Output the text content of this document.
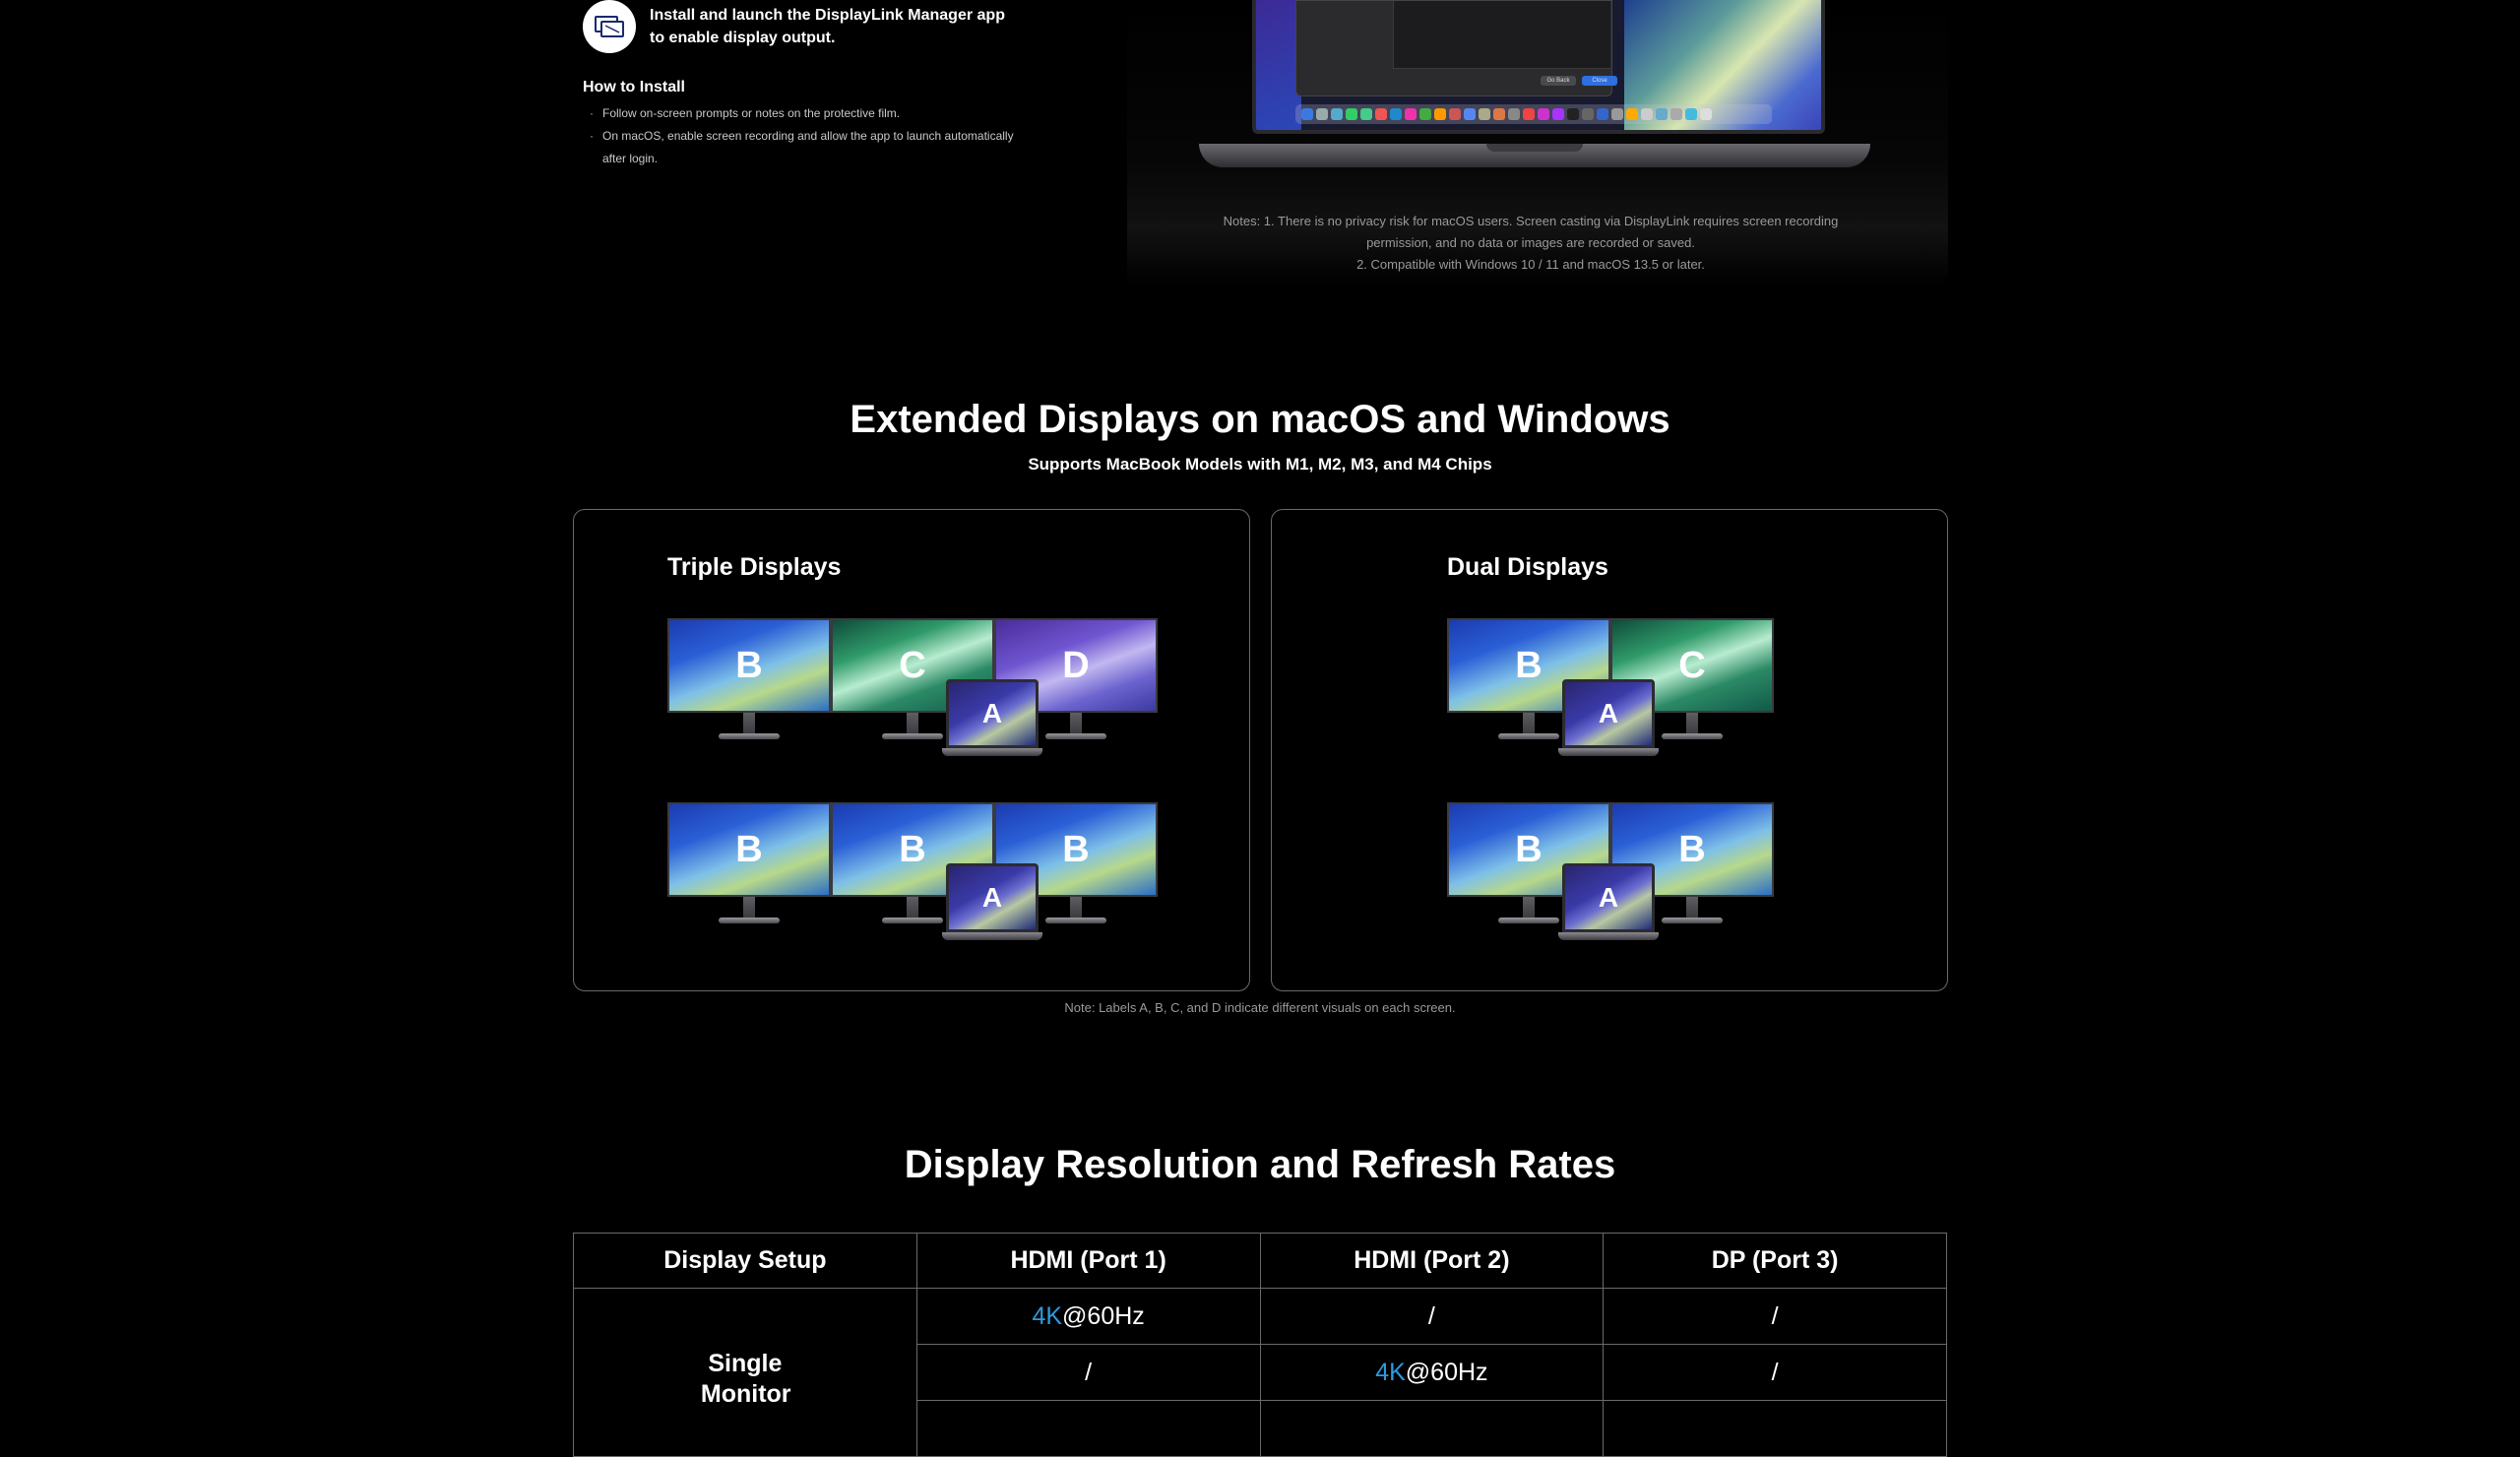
Install and launch the DisplayLink Manager app to enable display output.
How to Install
· Follow on-screen prompts or notes on the protective film.
· On macOS, enable screen recording and allow the app to launch automatically after login.
Go Back	Close
Notes: 1. There is no privacy risk for macOS users. Screen casting via DisplayLink requires screen recording permission, and no data or images are recorded or saved.
2. Compatible with Windows 10 / 11 and macOS 13.5 or later.
Extended Displays on macOS and Windows
Supports MacBook Models with M1, M2, M3, and M4 Chips
Triple Displays
B	C	D
A
B	B	B
A
Dual Displays
B	C
A
B	B
A
Note: Labels A, B, C, and D indicate different visuals on each screen.
Display Resolution and Refresh Rates
Display Setup	HDMI (Port 1)	HDMI (Port 2)	DP (Port 3)
Single Monitor	4K@60Hz	/	/
	/	4K@60Hz	/
